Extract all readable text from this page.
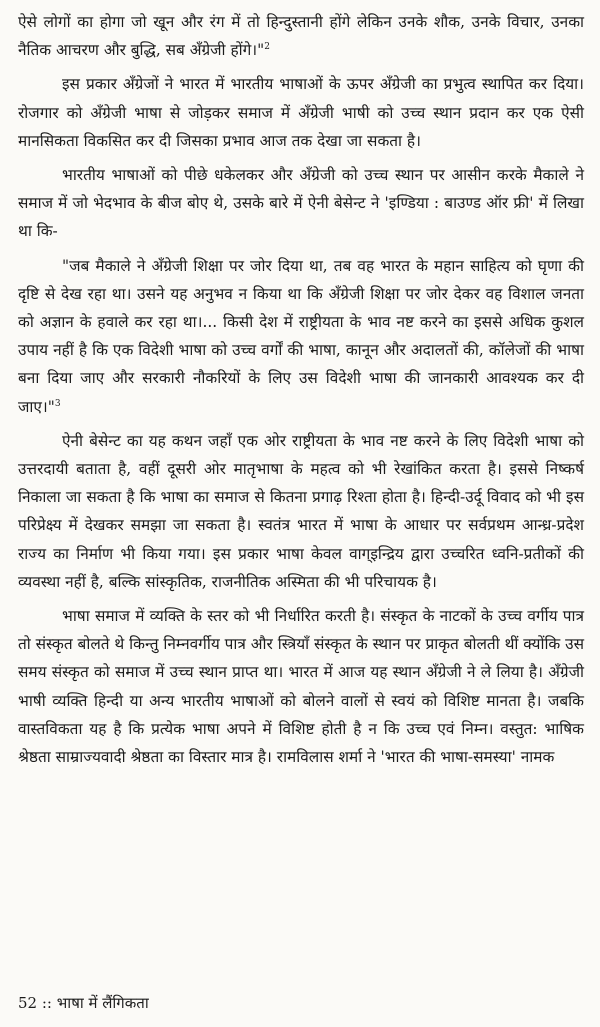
ऐसे लोगों का होगा जो खून और रंग में तो हिन्दुस्तानी होंगे लेकिन उनके शौक, उनके विचार, उनका नैतिक आचरण और बुद्धि, सब अँग्रेजी होंगे।"$^2$

इस प्रकार अँग्रेजों ने भारत में भारतीय भाषाओं के ऊपर अँग्रेजी का प्रभुत्व स्थापित कर दिया। रोजगार को अँग्रेजी भाषा से जोड़कर समाज में अँग्रेजी भाषी को उच्च स्थान प्रदान कर एक ऐसी मानसिकता विकसित कर दी जिसका प्रभाव आज तक देखा जा सकता है।

भारतीय भाषाओं को पीछे धकेलकर और अँग्रेजी को उच्च स्थान पर आसीन करके मैकाले ने समाज में जो भेदभाव के बीज बोए थे, उसके बारे में ऐनी बेसेन्ट ने 'इण्डिया : बाउण्ड ऑर फ्री' में लिखा था कि-

"जब मैकाले ने अँग्रेजी शिक्षा पर जोर दिया था, तब वह भारत के महान साहित्य को घृणा की दृष्टि से देख रहा था। उसने यह अनुभव न किया था कि अँग्रेजी शिक्षा पर जोर देकर वह विशाल जनता को अज्ञान के हवाले कर रहा था।... किसी देश में राष्ट्रीयता के भाव नष्ट करने का इससे अधिक कुशल उपाय नहीं है कि एक विदेशी भाषा को उच्च वर्गों की भाषा, कानून और अदालतों की, कॉलेजों की भाषा बना दिया जाए और सरकारी नौकरियों के लिए उस विदेशी भाषा की जानकारी आवश्यक कर दी जाए।"$^3$

ऐनी बेसेन्ट का यह कथन जहाँ एक ओर राष्ट्रीयता के भाव नष्ट करने के लिए विदेशी भाषा को उत्तरदायी बताता है, वहीं दूसरी ओर मातृभाषा के महत्व को भी रेखांकित करता है। इससे निष्कर्ष निकाला जा सकता है कि भाषा का समाज से कितना प्रगाढ़ रिश्ता होता है। हिन्दी-उर्दू विवाद को भी इस परिप्रेक्ष्य में देखकर समझा जा सकता है। स्वतंत्र भारत में भाषा के आधार पर सर्वप्रथम आन्ध्र-प्रदेश राज्य का निर्माण भी किया गया। इस प्रकार भाषा केवल वाग्इन्द्रिय द्वारा उच्चरित ध्वनि-प्रतीकों की व्यवस्था नहीं है, बल्कि सांस्कृतिक, राजनीतिक अस्मिता की भी परिचायक है।

भाषा समाज में व्यक्ति के स्तर को भी निर्धारित करती है। संस्कृत के नाटकों के उच्च वर्गीय पात्र तो संस्कृत बोलते थे किन्तु निम्नवर्गीय पात्र और स्त्रियाँ संस्कृत के स्थान पर प्राकृत बोलती थीं क्योंकि उस समय संस्कृत को समाज में उच्च स्थान प्राप्त था। भारत में आज यह स्थान अँग्रेजी ने ले लिया है। अँग्रेजी भाषी व्यक्ति हिन्दी या अन्य भारतीय भाषाओं को बोलने वालों से स्वयं को विशिष्ट मानता है। जबकि वास्तविकता यह है कि प्रत्येक भाषा अपने में विशिष्ट होती है न कि उच्च एवं निम्न। वस्तुत: भाषिक श्रेष्ठता साम्राज्यवादी श्रेष्ठता का विस्तार मात्र है। रामविलास शर्मा ने 'भारत की भाषा-समस्या' नामक

52 :: भाषा में लैंगिकता
